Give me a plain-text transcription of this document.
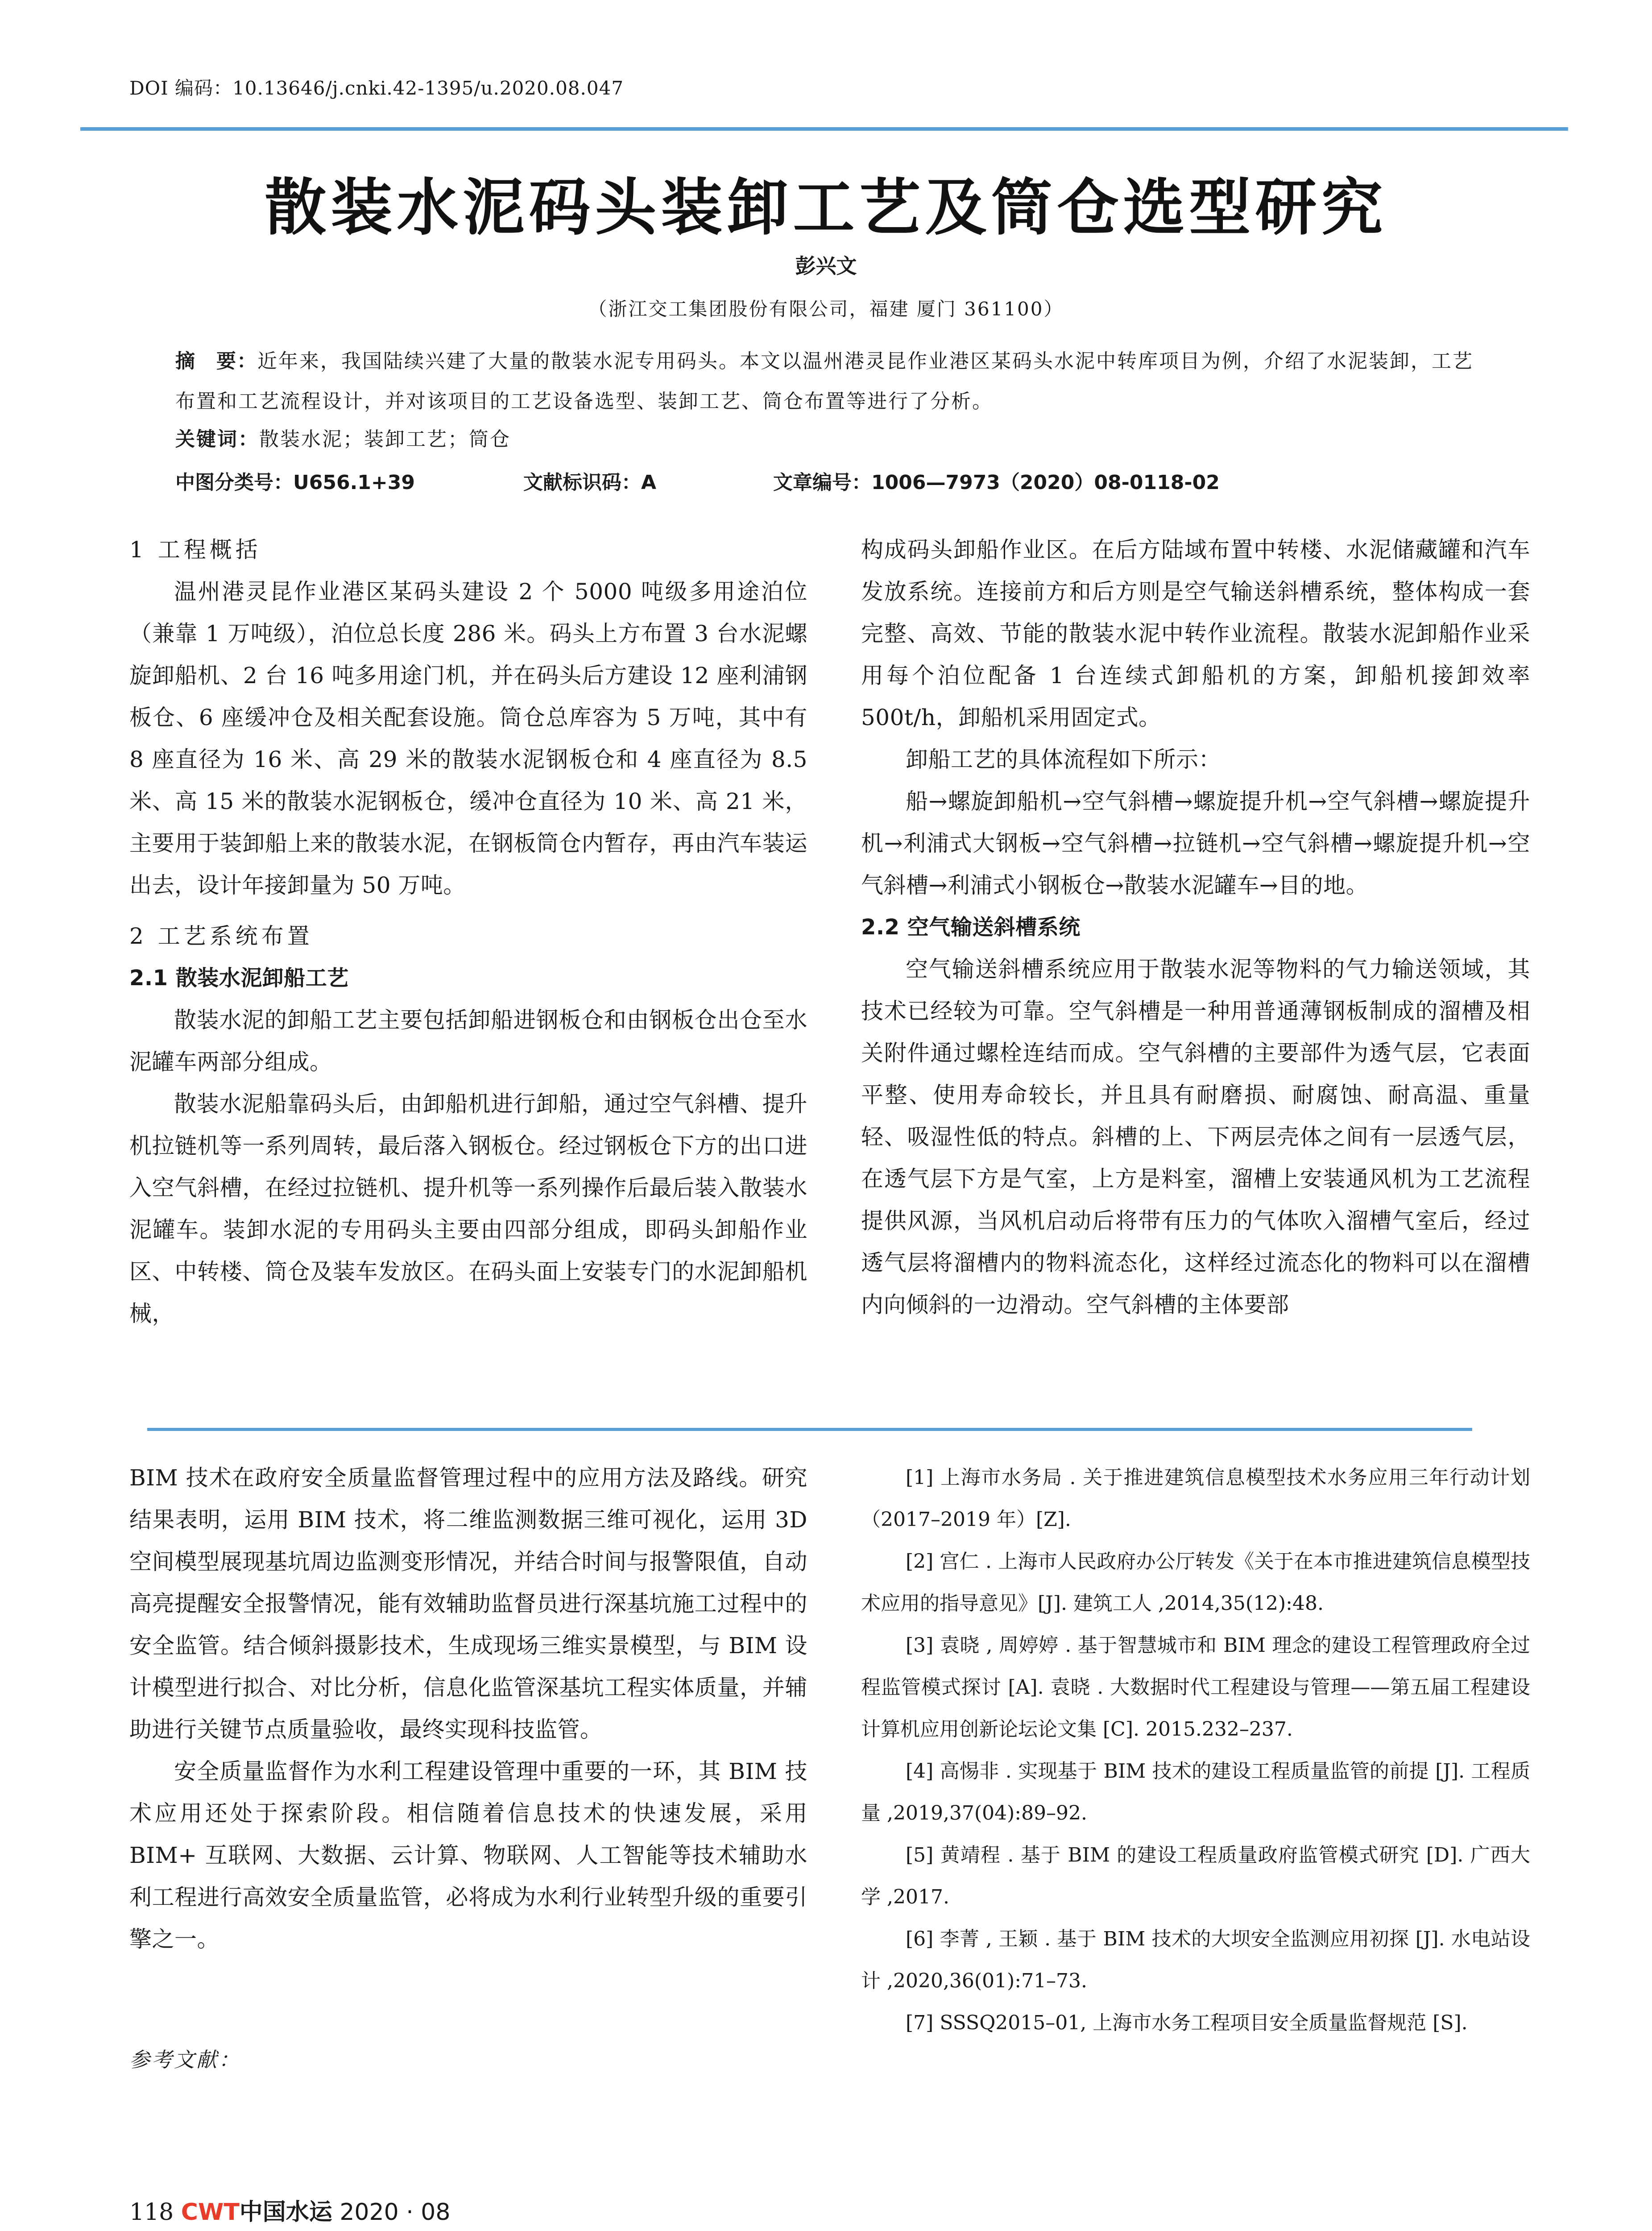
DOI 编码：10.13646/j.cnki.42-1395/u.2020.08.047
散装水泥码头装卸工艺及筒仓选型研究
彭兴文
（浙江交工集团股份有限公司，福建 厦门 361100）
摘　要：近年来，我国陆续兴建了大量的散装水泥专用码头。本文以温州港灵昆作业港区某码头水泥中转库项目为例，介绍了水泥装卸，工艺布置和工艺流程设计，并对该项目的工艺设备选型、装卸工艺、筒仓布置等进行了分析。
关键词：散装水泥；装卸工艺；筒仓
中图分类号：U656.1+39	文献标识码：A	文章编号：1006—7973（2020）08-0118-02

1 工程概括

温州港灵昆作业港区某码头建设 2 个 5000 吨级多用途泊位（兼靠 1 万吨级），泊位总长度 286 米。码头上方布置 3 台水泥螺旋卸船机、2 台 16 吨多用途门机，并在码头后方建设 12 座利浦钢板仓、6 座缓冲仓及相关配套设施。筒仓总库容为 5 万吨，其中有 8 座直径为 16 米、高 29 米的散装水泥钢板仓和 4 座直径为 8.5 米、高 15 米的散装水泥钢板仓，缓冲仓直径为 10 米、高 21 米，主要用于装卸船上来的散装水泥，在钢板筒仓内暂存，再由汽车装运出去，设计年接卸量为 50 万吨。

2 工艺系统布置

2.1 散装水泥卸船工艺

散装水泥的卸船工艺主要包括卸船进钢板仓和由钢板仓出仓至水泥罐车两部分组成。

散装水泥船靠码头后，由卸船机进行卸船，通过空气斜槽、提升机拉链机等一系列周转，最后落入钢板仓。经过钢板仓下方的出口进入空气斜槽，在经过拉链机、提升机等一系列操作后最后装入散装水泥罐车。装卸水泥的专用码头主要由四部分组成，即码头卸船作业区、中转楼、筒仓及装车发放区。在码头面上安装专门的水泥卸船机械，

构成码头卸船作业区。在后方陆域布置中转楼、水泥储藏罐和汽车发放系统。连接前方和后方则是空气输送斜槽系统，整体构成一套完整、高效、节能的散装水泥中转作业流程。散装水泥卸船作业采用每个泊位配备 1 台连续式卸船机的方案，卸船机接卸效率 500t/h，卸船机采用固定式。

卸船工艺的具体流程如下所示：

船→螺旋卸船机→空气斜槽→螺旋提升机→空气斜槽→螺旋提升机→利浦式大钢板→空气斜槽→拉链机→空气斜槽→螺旋提升机→空气斜槽→利浦式小钢板仓→散装水泥罐车→目的地。

2.2 空气输送斜槽系统

空气输送斜槽系统应用于散装水泥等物料的气力输送领域，其技术已经较为可靠。空气斜槽是一种用普通薄钢板制成的溜槽及相关附件通过螺栓连结而成。空气斜槽的主要部件为透气层，它表面平整、使用寿命较长，并且具有耐磨损、耐腐蚀、耐高温、重量轻、吸湿性低的特点。斜槽的上、下两层壳体之间有一层透气层，在透气层下方是气室，上方是料室，溜槽上安装通风机为工艺流程提供风源，当风机启动后将带有压力的气体吹入溜槽气室后，经过透气层将溜槽内的物料流态化，这样经过流态化的物料可以在溜槽内向倾斜的一边滑动。空气斜槽的主体要部

BIM 技术在政府安全质量监督管理过程中的应用方法及路线。研究结果表明，运用 BIM 技术，将二维监测数据三维可视化，运用 3D 空间模型展现基坑周边监测变形情况，并结合时间与报警限值，自动高亮提醒安全报警情况，能有效辅助监督员进行深基坑施工过程中的安全监管。结合倾斜摄影技术，生成现场三维实景模型，与 BIM 设计模型进行拟合、对比分析，信息化监管深基坑工程实体质量，并辅助进行关键节点质量验收，最终实现科技监管。

安全质量监督作为水利工程建设管理中重要的一环，其 BIM 技术应用还处于探索阶段。相信随着信息技术的快速发展，采用 BIM+ 互联网、大数据、云计算、物联网、人工智能等技术辅助水利工程进行高效安全质量监管，必将成为水利行业转型升级的重要引擎之一。

[1] 上海市水务局 . 关于推进建筑信息模型技术水务应用三年行动计划（2017–2019 年）[Z].

[2] 宫仁 . 上海市人民政府办公厅转发《关于在本市推进建筑信息模型技术应用的指导意见》[J]. 建筑工人 ,2014,35(12):48.

[3] 袁晓 , 周婷婷 . 基于智慧城市和 BIM 理念的建设工程管理政府全过程监管模式探讨 [A]. 袁晓 . 大数据时代工程建设与管理——第五届工程建设计算机应用创新论坛论文集 [C]. 2015.232–237.

[4] 高惕非 . 实现基于 BIM 技术的建设工程质量监管的前提 [J]. 工程质量 ,2019,37(04):89–92.

[5] 黄靖程 . 基于 BIM 的建设工程质量政府监管模式研究 [D]. 广西大学 ,2017.

[6] 李菁 , 王颖 . 基于 BIM 技术的大坝安全监测应用初探 [J]. 水电站设计 ,2020,36(01):71–73.

[7] SSSQ2015–01, 上海市水务工程项目安全质量监督规范 [S].

参考文献：
118 CWT中国水运 2020 · 08
